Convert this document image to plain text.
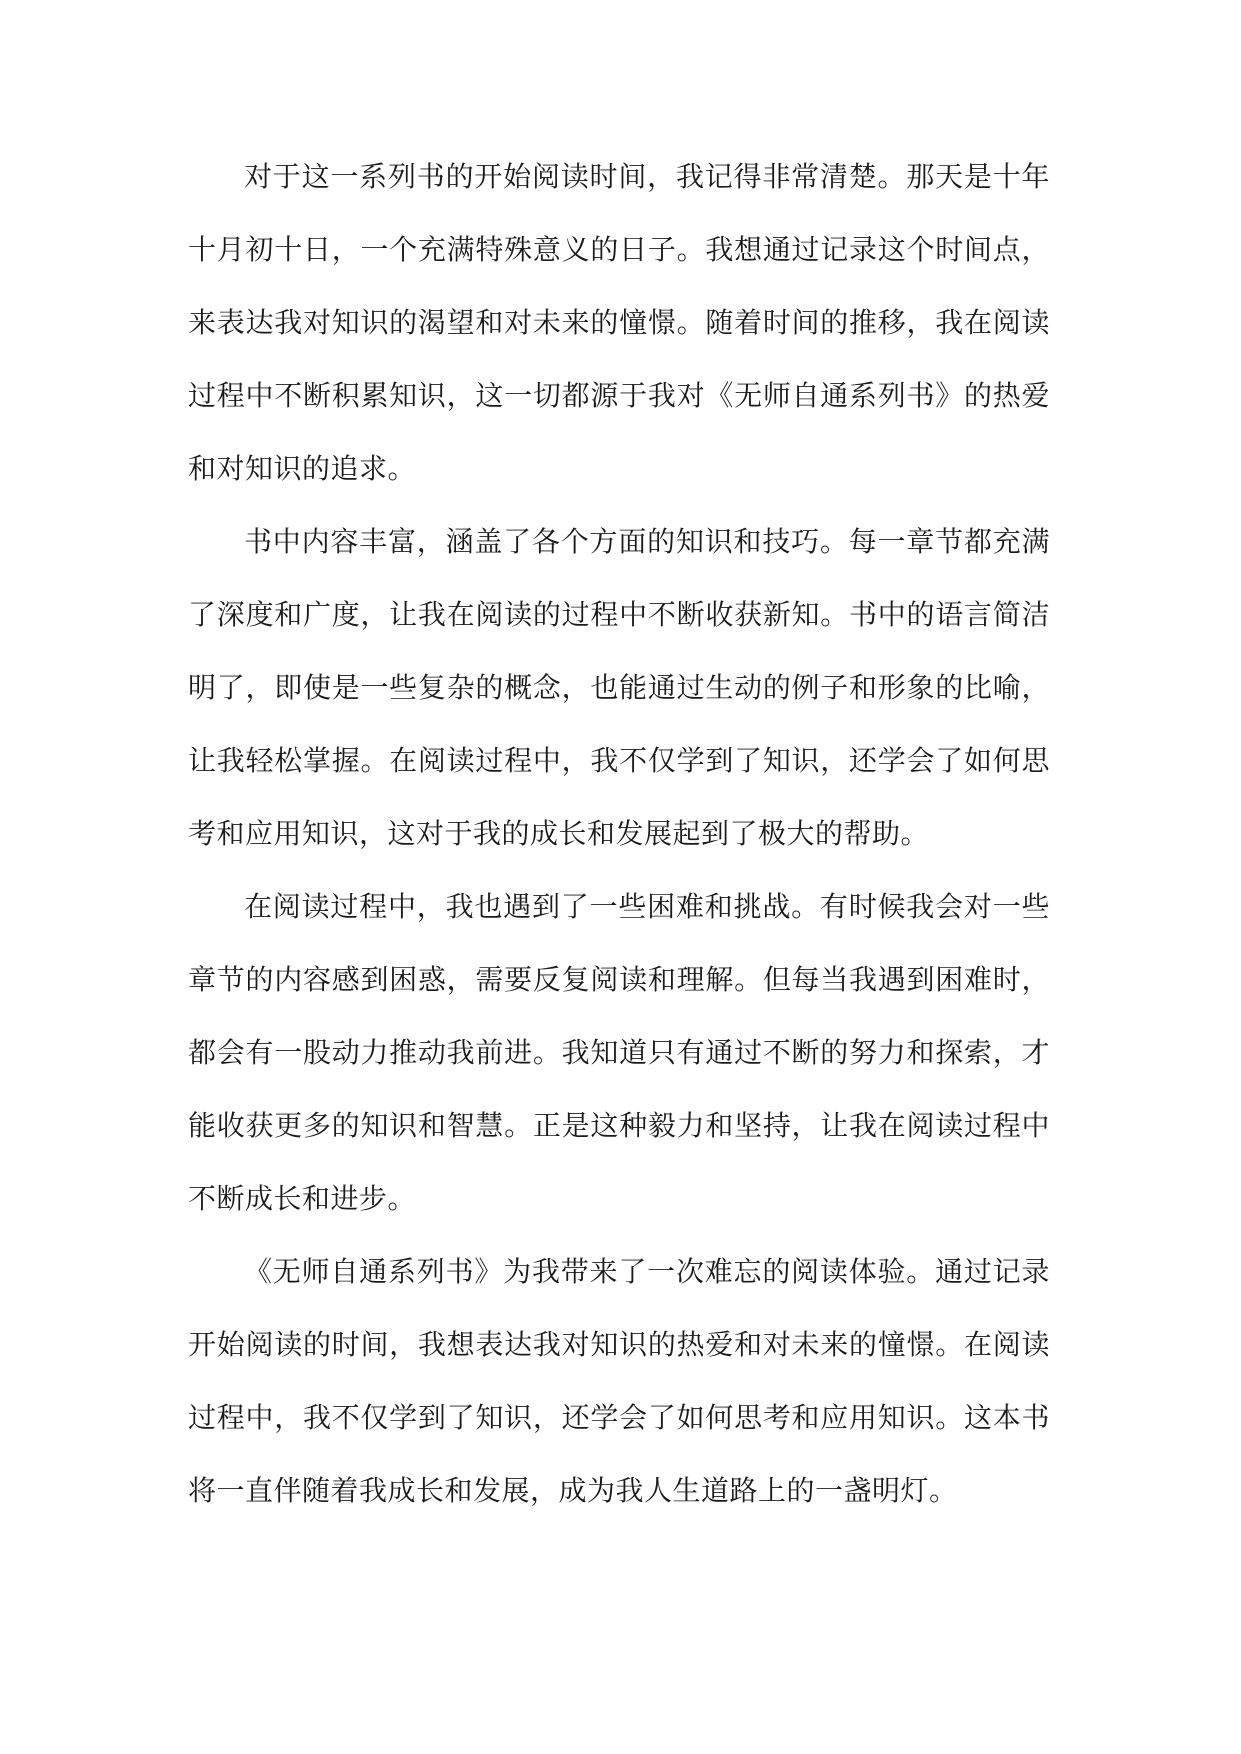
对于这一系列书的开始阅读时间，我记得非常清楚。那天是十年十月初十日，一个充满特殊意义的日子。我想通过记录这个时间点，来表达我对知识的渴望和对未来的憧憬。随着时间的推移，我在阅读过程中不断积累知识，这一切都源于我对《无师自通系列书》的热爱和对知识的追求。

书中内容丰富，涵盖了各个方面的知识和技巧。每一章节都充满了深度和广度，让我在阅读的过程中不断收获新知。书中的语言简洁明了，即使是一些复杂的概念，也能通过生动的例子和形象的比喻，让我轻松掌握。在阅读过程中，我不仅学到了知识，还学会了如何思考和应用知识，这对于我的成长和发展起到了极大的帮助。

在阅读过程中，我也遇到了一些困难和挑战。有时候我会对一些章节的内容感到困惑，需要反复阅读和理解。但每当我遇到困难时，都会有一股动力推动我前进。我知道只有通过不断的努力和探索，才能收获更多的知识和智慧。正是这种毅力和坚持，让我在阅读过程中不断成长和进步。

《无师自通系列书》为我带来了一次难忘的阅读体验。通过记录开始阅读的时间，我想表达我对知识的热爱和对未来的憧憬。在阅读过程中，我不仅学到了知识，还学会了如何思考和应用知识。这本书将一直伴随着我成长和发展，成为我人生道路上的一盏明灯。
